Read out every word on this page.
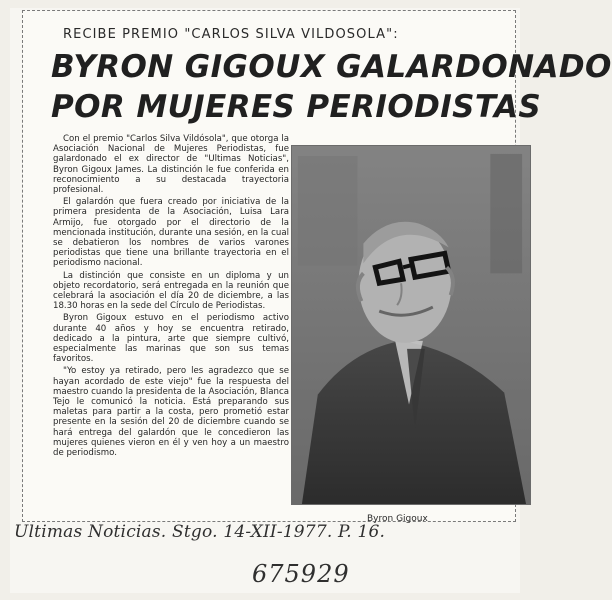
RECIBE PREMIO "CARLOS SILVA VILDOSOLA":
BYRON GIGOUX GALARDONADO
POR MUJERES PERIODISTAS

Con el premio "Carlos Silva Vildósola", que otorga la Asociación Nacional de Mujeres Periodistas, fue galardonado el ex director de "Ultimas Noticias", Byron Gigoux James. La distinción le fue conferida en reconocimiento a su destacada trayectoria profesional.

El galardón que fuera creado por iniciativa de la primera presidenta de la Asociación, Luisa Lara Armijo, fue otorgado por el directorio de la mencionada institución, durante una sesión, en la cual se debatieron los nombres de varios varones periodistas que tiene una brillante trayectoria en el periodismo nacional.

La distinción que consiste en un diploma y un objeto recordatorio, será entregada en la reunión que celebrará la asociación el día 20 de diciembre, a las 18.30 horas en la sede del Círculo de Periodistas.

Byron Gigoux estuvo en el periodismo activo durante 40 años y hoy se encuentra retirado, dedicado a la pintura, arte que siempre cultivó, especialmente las marinas que son sus temas favoritos.

"Yo estoy ya retirado, pero les agradezco que se hayan acordado de este viejo" fue la respuesta del maestro cuando la presidenta de la Asociación, Blanca Tejo le comunicó la noticia. Está preparando sus maletas para partir a la costa, pero prometió estar presente en la sesión del 20 de diciembre cuando se hará entrega del galardón que le concedieron las mujeres quienes vieron en él y ven hoy a un maestro de periodismo.

Byron Gigoux
Ultimas Noticias. Stgo. 14-XII-1977. P. 16.
675929
